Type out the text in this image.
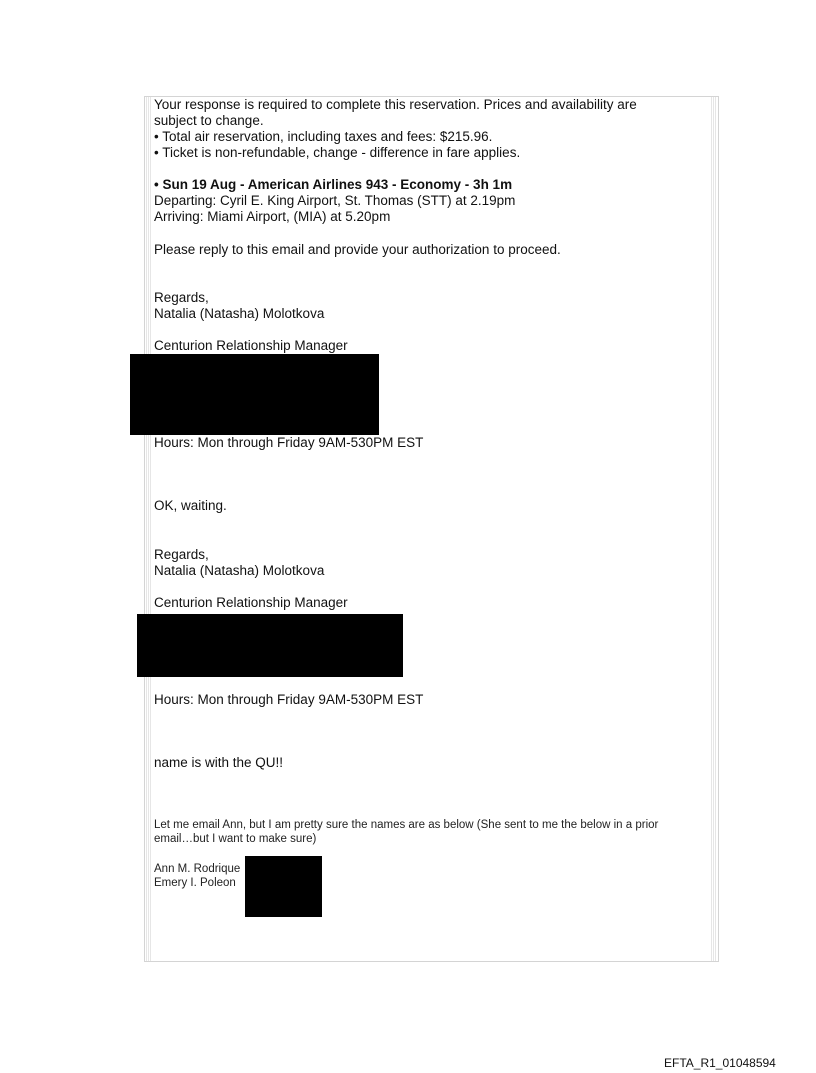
Your response is required to complete this reservation. Prices and availability are

subject to change.

• Total air reservation, including taxes and fees: $215.96.

• Ticket is non-refundable, change - difference in fare applies.

• Sun 19 Aug - American Airlines 943 - Economy - 3h 1m

Departing: Cyril E. King Airport, St. Thomas (STT) at 2.19pm

Arriving: Miami Airport, (MIA) at 5.20pm

Please reply to this email and provide your authorization to proceed.

Regards,

Natalia (Natasha) Molotkova

Centurion Relationship Manager

Hours: Mon through Friday 9AM-530PM EST

OK, waiting.

Regards,

Natalia (Natasha) Molotkova

Centurion Relationship Manager

Hours: Mon through Friday 9AM-530PM EST

name is with the QU!!

Let me email Ann, but I am pretty sure the names are as below (She sent to me the below in a prior

email…but I want to make sure)

Ann M. Rodrique

Emery I. Poleon

EFTA_R1_01048594
